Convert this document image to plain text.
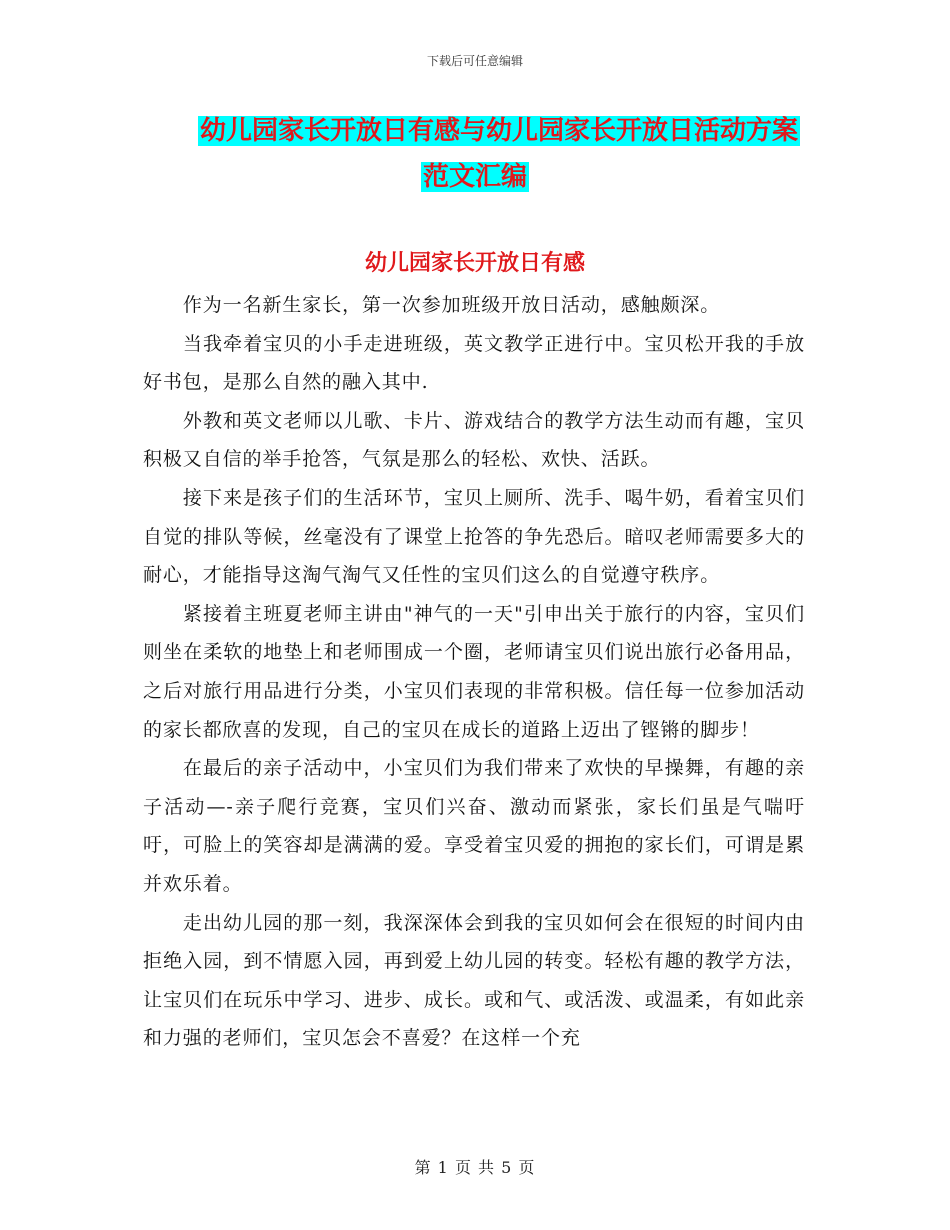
下载后可任意编辑
幼儿园家长开放日有感与幼儿园家长开放日活动方案
范文汇编
幼儿园家长开放日有感

作为一名新生家长，第一次参加班级开放日活动，感触颇深。

当我牵着宝贝的小手走进班级，英文教学正进行中。宝贝松开我的手放好书包，是那么自然的融入其中.

外教和英文老师以儿歌、卡片、游戏结合的教学方法生动而有趣，宝贝积极又自信的举手抢答，气氛是那么的轻松、欢快、活跃。

接下来是孩子们的生活环节，宝贝上厕所、洗手、喝牛奶，看着宝贝们自觉的排队等候，丝毫没有了课堂上抢答的争先恐后。暗叹老师需要多大的耐心，才能指导这淘气淘气又任性的宝贝们这么的自觉遵守秩序。

紧接着主班夏老师主讲由"神气的一天"引申出关于旅行的内容，宝贝们则坐在柔软的地垫上和老师围成一个圈，老师请宝贝们说出旅行必备用品，之后对旅行用品进行分类，小宝贝们表现的非常积极。信任每一位参加活动的家长都欣喜的发现，自己的宝贝在成长的道路上迈出了铿锵的脚步！

在最后的亲子活动中，小宝贝们为我们带来了欢快的早操舞，有趣的亲子活动—-亲子爬行竞赛，宝贝们兴奋、激动而紧张，家长们虽是气喘吁吁，可脸上的笑容却是满满的爱。享受着宝贝爱的拥抱的家长们，可谓是累并欢乐着。

走出幼儿园的那一刻，我深深体会到我的宝贝如何会在很短的时间内由拒绝入园，到不情愿入园，再到爱上幼儿园的转变。轻松有趣的教学方法，让宝贝们在玩乐中学习、进步、成长。或和气、或活泼、或温柔，有如此亲和力强的老师们，宝贝怎会不喜爱？在这样一个充

第 1 页 共 5 页
